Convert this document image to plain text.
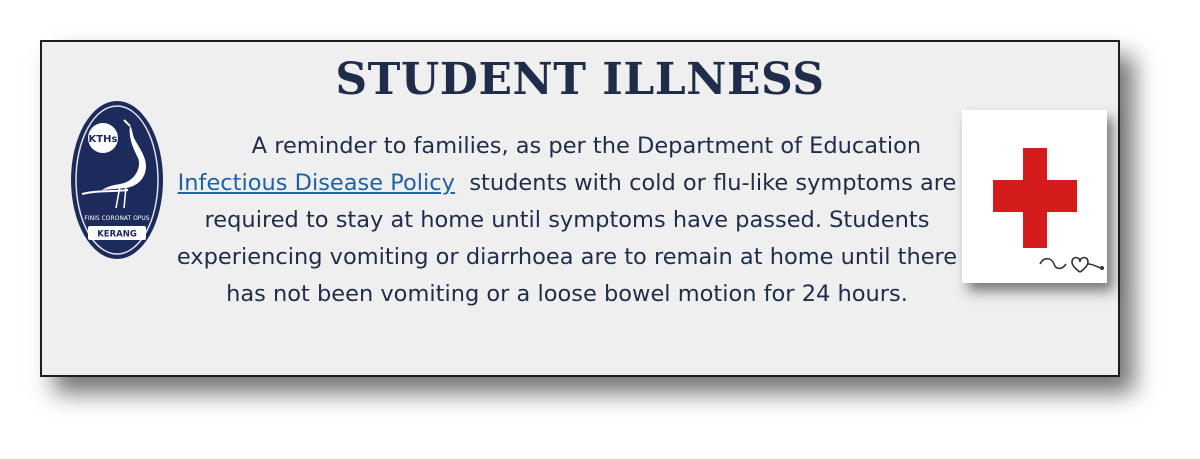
STUDENT ILLNESS
KTHs
FINIS CORONAT OPUS
KERANG
A reminder to families, as per the Department of Education  Infectious Disease Policy students with cold or flu-like symptoms are required to stay at home until symptoms have passed. Students experiencing vomiting or diarrhoea are to remain at home until there has not been vomiting or a loose bowel motion for 24 hours.
